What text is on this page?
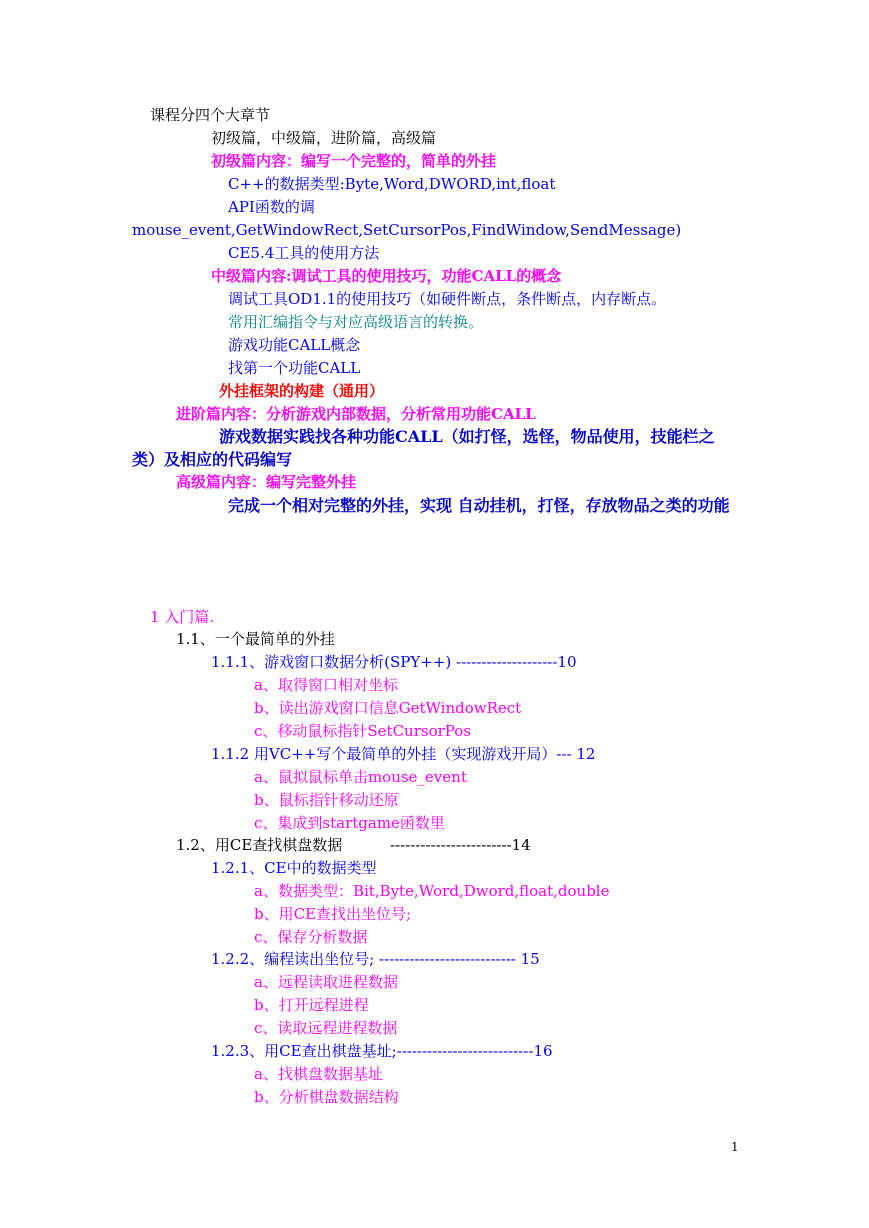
课程分四个大章节

初级篇，中级篇，进阶篇，高级篇

初级篇内容：编写一个完整的，简单的外挂

C++的数据类型:Byte,Word,DWORD,int,float

API函数的调

mouse_event,GetWindowRect,SetCursorPos,FindWindow,SendMessage)

CE5.4工具的使用方法

中级篇内容:调试工具的使用技巧，功能CALL的概念

调试工具OD1.1的使用技巧（如硬件断点，条件断点，内存断点。

常用汇编指令与对应高级语言的转换。

游戏功能CALL概念

找第一个功能CALL

外挂框架的构建（通用）

进阶篇内容：分析游戏内部数据，分析常用功能CALL

游戏数据实践找各种功能CALL（如打怪，选怪，物品使用，技能栏之类）及相应的代码编写

高级篇内容：编写完整外挂

完成一个相对完整的外挂，实现 自动挂机，打怪，存放物品之类的功能

1 入门篇.

1.1、一个最简单的外挂

1.1.1、游戏窗口数据分析(SPY++) --------------------10

a、取得窗口相对坐标

b、读出游戏窗口信息GetWindowRect

c、移动鼠标指针SetCursorPos

1.1.2 用VC++写个最简单的外挂（实现游戏开局）--- 12

a、鼠拟鼠标单击mouse_event

b、鼠标指针移动还原

c、集成到startgame函数里

1.2、用CE查找棋盘数据          ------------------------14

1.2.1、CE中的数据类型

a、数据类型：Bit,Byte,Word,Dword,float,double

b、用CE查找出坐位号;

c、保存分析数据

1.2.2、编程读出坐位号; --------------------------- 15

a、远程读取进程数据

b、打开远程进程

c、读取远程进程数据

1.2.3、用CE查出棋盘基址;---------------------------16

a、找棋盘数据基址

b、分析棋盘数据结构

1
